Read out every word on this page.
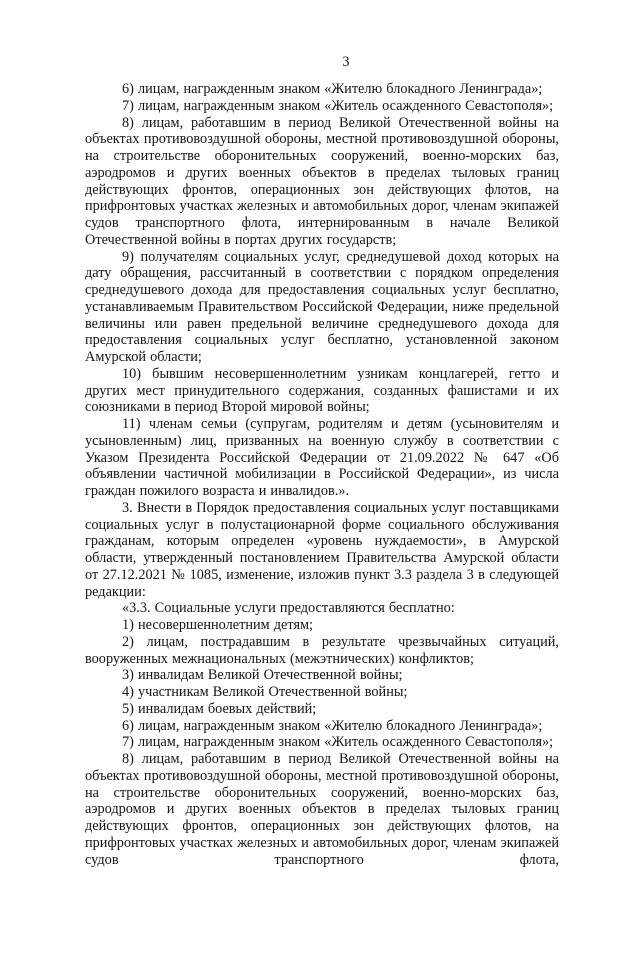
3

6) лицам, награжденным знаком «Жителю блокадного Ленинграда»;

7) лицам, награжденным знаком «Житель осажденного Севастополя»;

8) лицам, работавшим в период Великой Отечественной войны на объектах противовоздушной обороны, местной противовоздушной обороны, на строительстве оборонительных сооружений, военно-морских баз, аэродромов и других военных объектов в пределах тыловых границ действующих фронтов, операционных зон действующих флотов, на прифронтовых участках железных и автомобильных дорог, членам экипажей судов транспортного флота, интернированным в начале Великой Отечественной войны в портах других государств;

9) получателям социальных услуг, среднедушевой доход которых на дату обращения, рассчитанный в соответствии с порядком определения среднедушевого дохода для предоставления социальных услуг бесплатно, устанавливаемым Правительством Российской Федерации, ниже предельной величины или равен предельной величине среднедушевого дохода для предоставления социальных услуг бесплатно, установленной законом Амурской области;

10) бывшим несовершеннолетним узникам концлагерей, гетто и других мест принудительного содержания, созданных фашистами и их союзниками в период Второй мировой войны;

11) членам семьи (супругам, родителям и детям (усыновителям и усыновленным) лиц, призванных на военную службу в соответствии с Указом Президента Российской Федерации от 21.09.2022 № 647 «Об объявлении частичной мобилизации в Российской Федерации», из числа граждан пожилого возраста и инвалидов.».

3. Внести в Порядок предоставления социальных услуг поставщиками социальных услуг в полустационарной форме социального обслуживания гражданам, которым определен «уровень нуждаемости», в Амурской области, утвержденный постановлением Правительства Амурской области от 27.12.2021 № 1085, изменение, изложив пункт 3.3 раздела 3 в следующей редакции:

«3.3. Социальные услуги предоставляются бесплатно:

1) несовершеннолетним детям;

2) лицам, пострадавшим в результате чрезвычайных ситуаций, вооруженных межнациональных (межэтнических) конфликтов;

3) инвалидам Великой Отечественной войны;

4) участникам Великой Отечественной войны;

5) инвалидам боевых действий;

6) лицам, награжденным знаком «Жителю блокадного Ленинграда»;

7) лицам, награжденным знаком «Житель осажденного Севастополя»;

8) лицам, работавшим в период Великой Отечественной войны на объектах противовоздушной обороны, местной противовоздушной обороны, на строительстве оборонительных сооружений, военно-морских баз, аэродромов и других военных объектов в пределах тыловых границ действующих фронтов, операционных зон действующих флотов, на прифронтовых участках железных и автомобильных дорог, членам экипажей судов транспортного флота,
